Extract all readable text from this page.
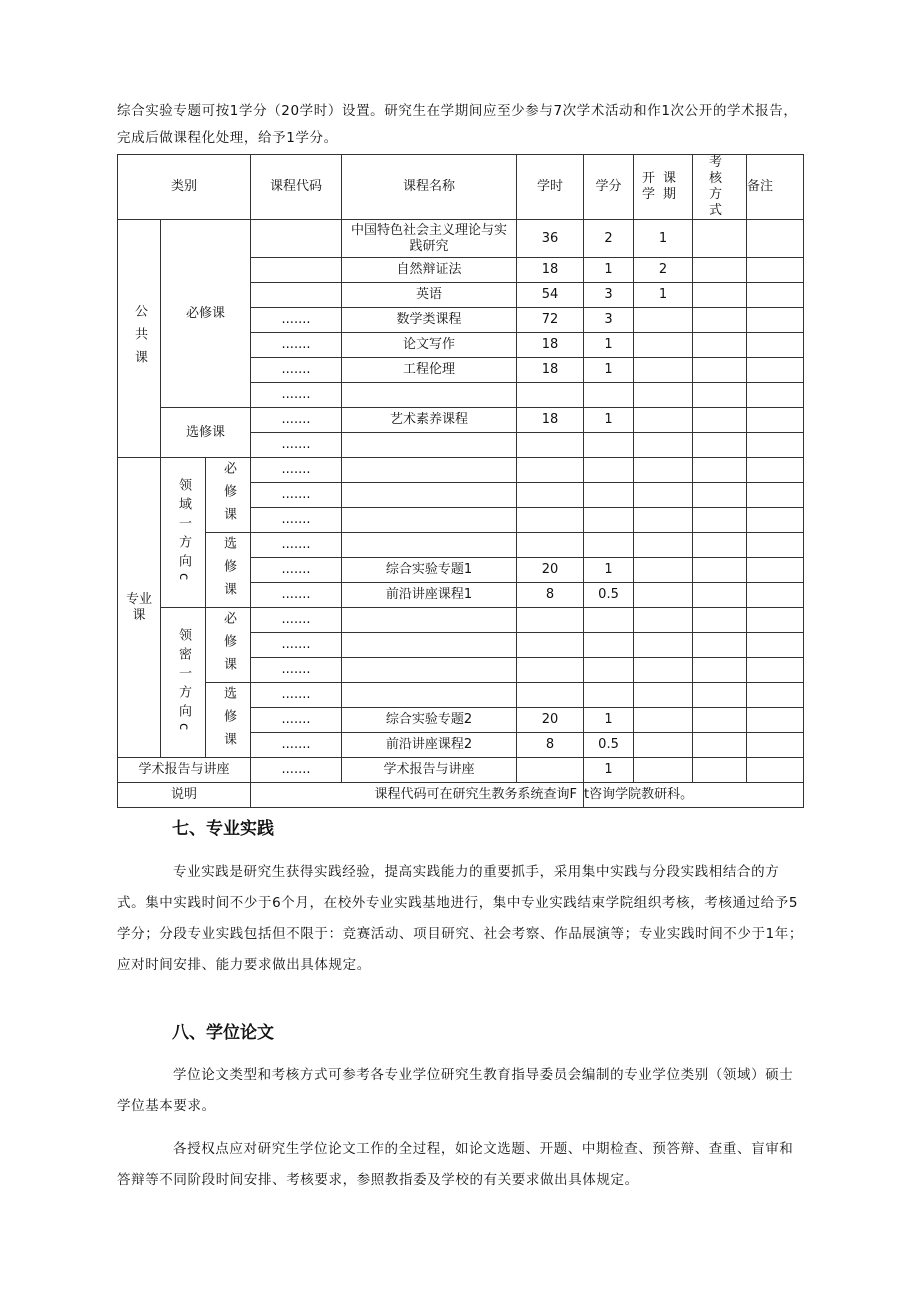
综合实验专题可按1学分（20学时）设置。研究生在学期间应至少参与7次学术活动和作1次公开的学术报告，完成后做课程化处理，给予1学分。
类别			课程代码	课程名称	学时	学分	开课学期	考核方式	备注
公共课	必修课			中国特色社会主义理论与实践研究	36	2	1		
				自然辩证法	18	1	2		
				英语	54	3	1		
			.......	数学类课程	72	3			
			.......	论文写作	18	1			
			.......	工程伦理	18	1			
			.......						
	选修课		.......	艺术素养课程	18	1			
			.......						
专业课	领域一方向c	必修课	.......						
			.......						
			.......						
		选修课	.......						
			.......	综合实验专题1	20	1			
			.......	前沿讲座课程1	8	0.5			
	领密一方向c	必修课	.......						
			.......						
			.......						
		选修课	.......						
			.......	综合实验专题2	20	1			
			.......	前沿讲座课程2	8	0.5			
学术报告与讲座			.......	学术报告与讲座		1			
说明			课程代码可在研究生教务系统查询F			t咨询学院教研科。			
七、专业实践
专业实践是研究生获得实践经验，提高实践能力的重要抓手，采用集中实践与分段实践相结合的方式。集中实践时间不少于6个月，在校外专业实践基地进行，集中专业实践结束学院组织考核，考核通过给予5学分；分段专业实践包括但不限于：竞赛活动、项目研究、社会考察、作品展演等；专业实践时间不少于1年；应对时间安排、能力要求做出具体规定。
八、学位论文
学位论文类型和考核方式可参考各专业学位研究生教育指导委员会编制的专业学位类别（领域）硕士学位基本要求。
各授权点应对研究生学位论文工作的全过程，如论文选题、开题、中期检查、预答辩、查重、盲审和答辩等不同阶段时间安排、考核要求，参照教指委及学校的有关要求做出具体规定。
